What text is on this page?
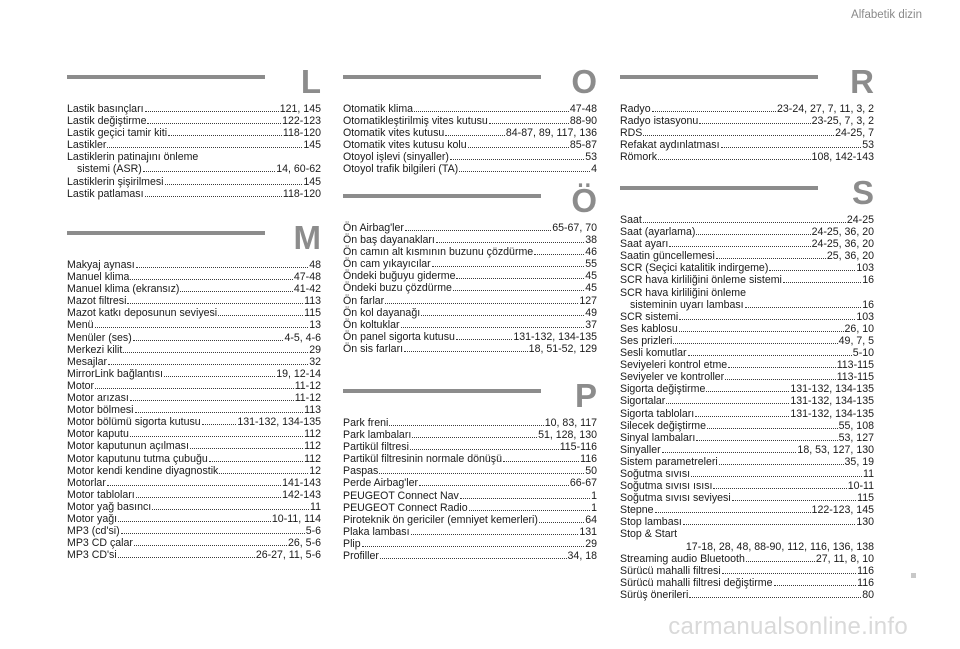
Alfabetik dizin
L
Lastik basınçları	121, 145
Lastik değiştirme	122-123
Lastik geçici tamir kiti	118-120
Lastikler	145
Lastiklerin patinajını önleme
sistemi (ASR)	14, 60-62
Lastiklerin şişirilmesi	145
Lastik patlaması	118-120
M
Makyaj aynası	48
Manuel klima	47-48
Manuel klima (ekransız)	41-42
Mazot filtresi	113
Mazot katkı deposunun seviyesi	115
Menü	13
Menüler (ses)	4-5, 4-6
Merkezi kilit	29
Mesajlar	32
MirrorLink bağlantısı	19, 12-14
Motor	11-12
Motor arızası	11-12
Motor bölmesi	113
Motor bölümü sigorta kutusu	131-132, 134-135
Motor kaputu	112
Motor kaputunun açılması	112
Motor kaputunu tutma çubuğu	112
Motor kendi kendine diyagnostik	12
Motorlar	141-143
Motor tabloları	142-143
Motor yağ basıncı	11
Motor yağı	10-11, 114
MP3 (cd'si)	5-6
MP3 CD çalar	26, 5-6
MP3 CD'si	26-27, 11, 5-6
O
Otomatik klima	47-48
Otomatikleştirilmiş vites kutusu	88-90
Otomatik vites kutusu	84-87, 89, 117, 136
Otomatik vites kutusu kolu	85-87
Otoyol işlevi (sinyaller)	53
Otoyol trafik bilgileri (TA)	4
Ö
Ön Airbag'ler	65-67, 70
Ön baş dayanakları	38
Ön camın alt kısmının buzunu çözdürme	46
Ön cam yıkayıcılar	55
Öndeki buğuyu giderme	45
Öndeki buzu çözdürme	45
Ön farlar	127
Ön kol dayanağı	49
Ön koltuklar	37
Ön panel sigorta kutusu	131-132, 134-135
Ön sis farları	18, 51-52, 129
P
Park freni	10, 83, 117
Park lambaları	51, 128, 130
Partikül filtresi	115-116
Partikül filtresinin normale dönüşü	116
Paspas	50
Perde Airbag'ler	66-67
PEUGEOT Connect Nav	1
PEUGEOT Connect Radio	1
Piroteknik ön gericiler (emniyet kemerleri)	64
Plaka lambası	131
Plip	29
Profiller	34, 18
R
Radyo	23-24, 27, 7, 11, 3, 2
Radyo istasyonu	23-25, 7, 3, 2
RDS	24-25, 7
Refakat aydınlatması	53
Römork	108, 142-143
S
Saat	24-25
Saat (ayarlama)	24-25, 36, 20
Saat ayarı	24-25, 36, 20
Saatin güncellemesi	25, 36, 20
SCR (Seçici katalitik indirgeme)	103
SCR hava kirliliğini önleme sistemi	16
SCR hava kirliliğini önleme
sisteminin uyarı lambası	16
SCR sistemi	103
Ses kablosu	26, 10
Ses prizleri	49, 7, 5
Sesli komutlar	5-10
Seviyeleri kontrol etme	113-115
Seviyeler ve kontroller	113-115
Sigorta değiştirme	131-132, 134-135
Sigortalar	131-132, 134-135
Sigorta tabloları	131-132, 134-135
Silecek değiştirme	55, 108
Sinyal lambaları	53, 127
Sinyaller	18, 53, 127, 130
Sistem parametreleri	35, 19
Soğutma sıvısı	11
Soğutma sıvısı ısısı	10-11
Soğutma sıvısı seviyesi	115
Stepne	122-123, 145
Stop lambası	130
Stop & Start
17-18, 28, 48, 88-90, 112, 116, 136, 138
Streaming audio Bluetooth	27, 11, 8, 10
Sürücü mahalli filtresi	116
Sürücü mahalli filtresi değiştirme	116
Sürüş önerileri	80
carmanualsonline.info
